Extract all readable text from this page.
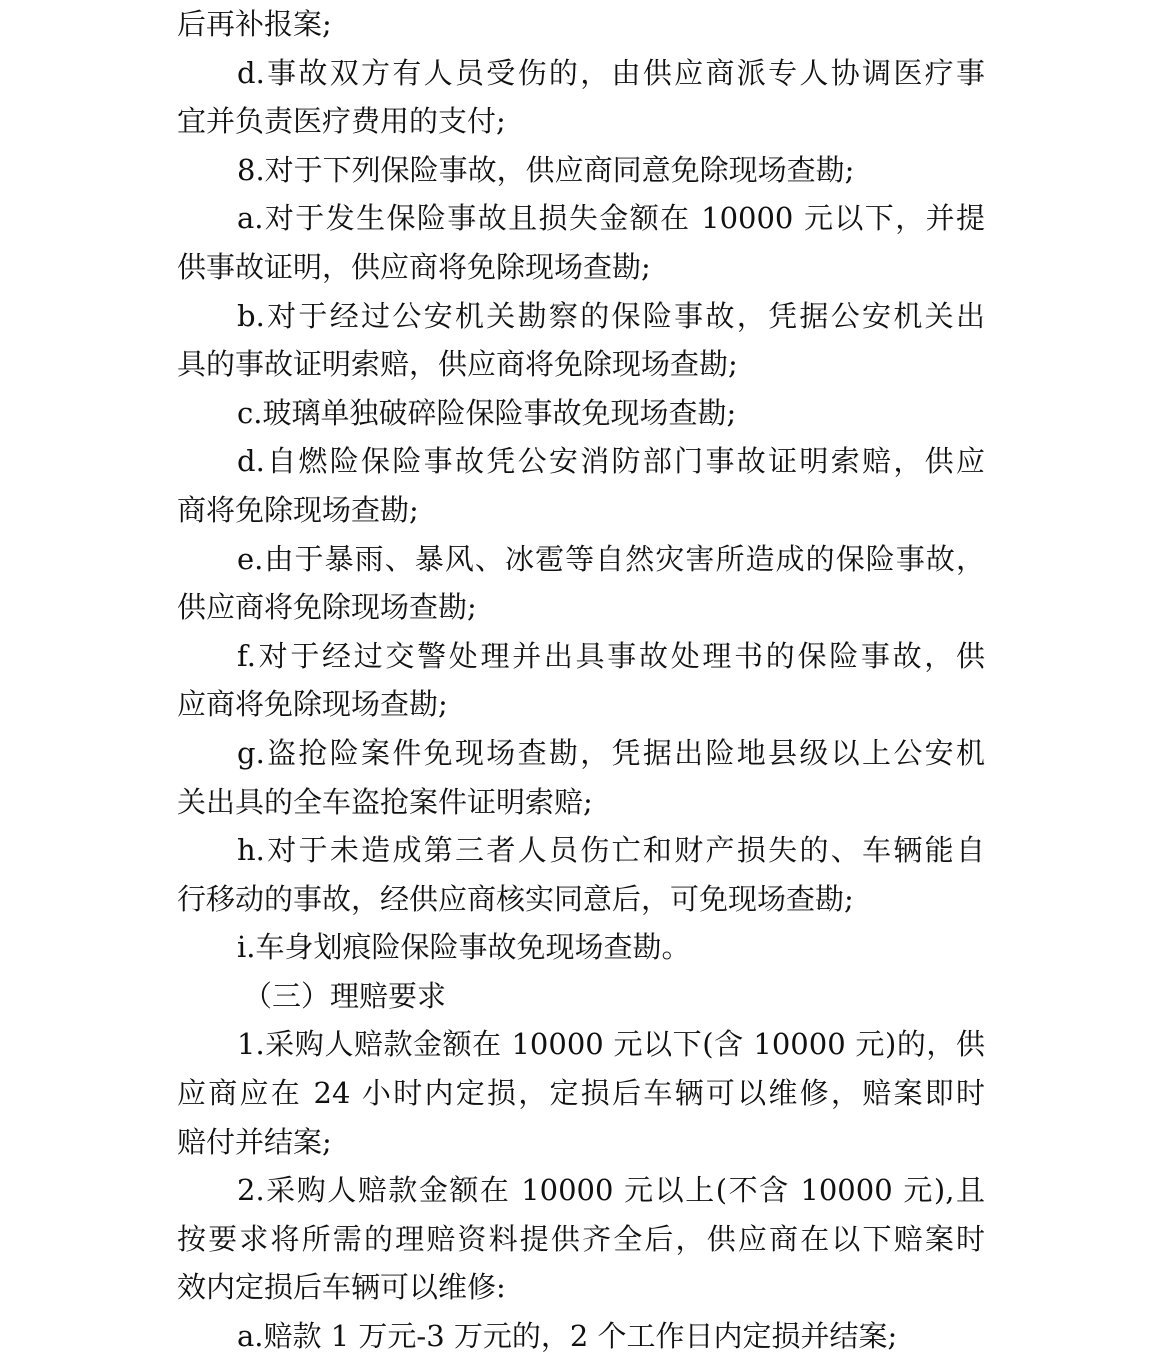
后再补报案;
d.事故双方有人员受伤的，由供应商派专人协调医疗事
宜并负责医疗费用的支付;
8.对于下列保险事故，供应商同意免除现场查勘;
a.对于发生保险事故且损失金额在 10000 元以下，并提
供事故证明，供应商将免除现场查勘;
b.对于经过公安机关勘察的保险事故，凭据公安机关出
具的事故证明索赔，供应商将免除现场查勘;
c.玻璃单独破碎险保险事故免现场查勘;
d.自燃险保险事故凭公安消防部门事故证明索赔，供应
商将免除现场查勘;
e.由于暴雨、暴风、冰雹等自然灾害所造成的保险事故，
供应商将免除现场查勘;
f.对于经过交警处理并出具事故处理书的保险事故，供
应商将免除现场查勘;
g.盗抢险案件免现场查勘，凭据出险地县级以上公安机
关出具的全车盗抢案件证明索赔;
h.对于未造成第三者人员伤亡和财产损失的、车辆能自
行移动的事故，经供应商核实同意后，可免现场查勘;
i.车身划痕险保险事故免现场查勘。
（三）理赔要求
1.采购人赔款金额在 10000 元以下(含 10000 元)的，供
应商应在 24 小时内定损，定损后车辆可以维修，赔案即时
赔付并结案;
2.采购人赔款金额在 10000 元以上(不含 10000 元),且
按要求将所需的理赔资料提供齐全后，供应商在以下赔案时
效内定损后车辆可以维修:
a.赔款 1 万元-3 万元的，2 个工作日内定损并结案;
